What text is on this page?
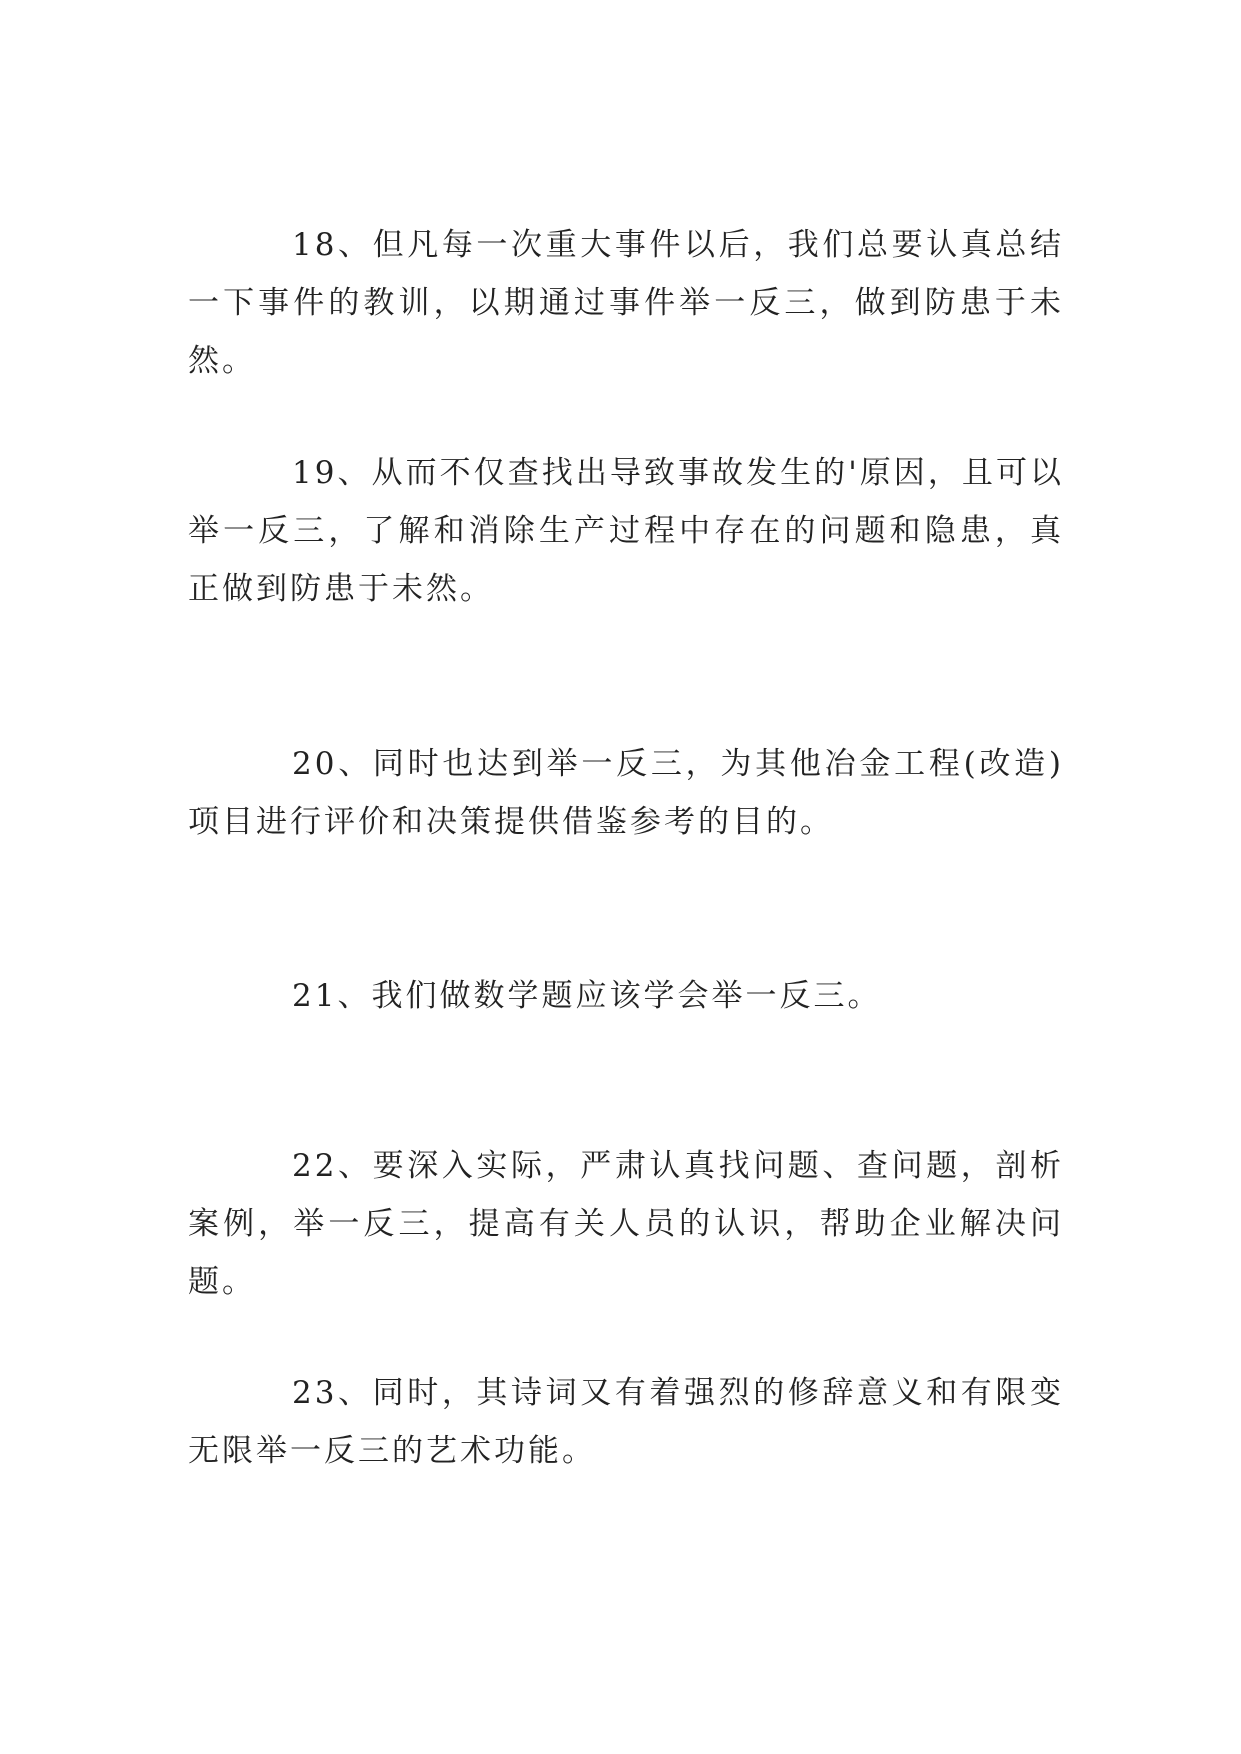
18、但凡每一次重大事件以后，我们总要认真总结一下事件的教训，以期通过事件举一反三，做到防患于未然。

19、从而不仅查找出导致事故发生的'原因，且可以举一反三，了解和消除生产过程中存在的问题和隐患，真正做到防患于未然。

20、同时也达到举一反三，为其他冶金工程(改造)项目进行评价和决策提供借鉴参考的目的。

21、我们做数学题应该学会举一反三。

22、要深入实际，严肃认真找问题、查问题，剖析案例，举一反三，提高有关人员的认识，帮助企业解决问题。

23、同时，其诗词又有着强烈的修辞意义和有限变无限举一反三的艺术功能。
